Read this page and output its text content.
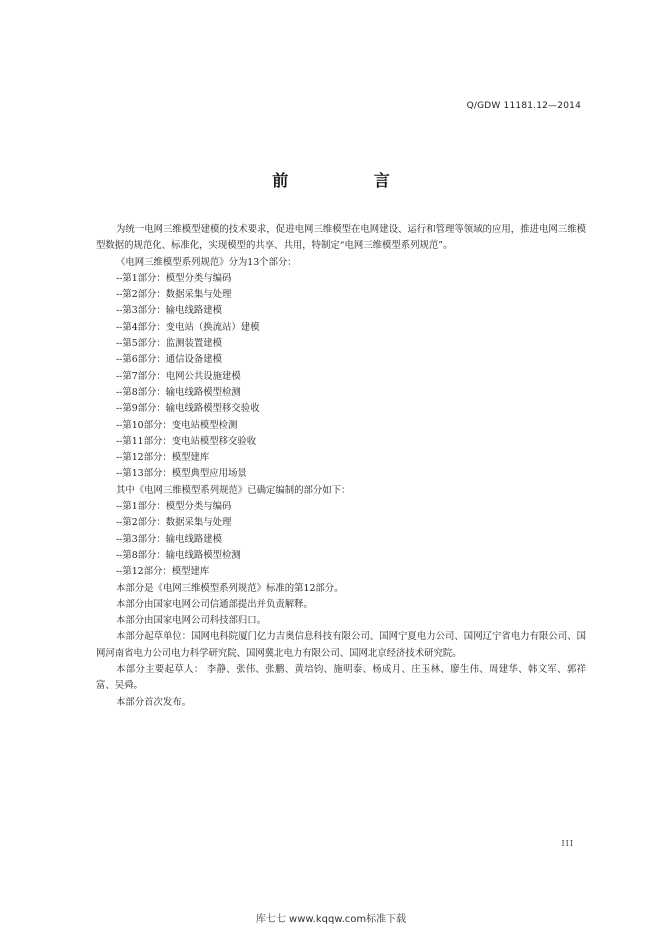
Q/GDW 11181.12—2014
前 言

为统一电网三维模型建模的技术要求，促进电网三维模型在电网建设、运行和管理等领域的应用，推进电网三维模型数据的规范化、标准化，实现模型的共享、共用，特制定“电网三维模型系列规范”。

《电网三维模型系列规范》分为13个部分：

--第1部分：模型分类与编码

--第2部分：数据采集与处理

--第3部分：输电线路建模

--第4部分：变电站（换流站）建模

--第5部分：监测装置建模

--第6部分：通信设备建模

--第7部分：电网公共设施建模

--第8部分：输电线路模型检测

--第9部分：输电线路模型移交验收

--第10部分：变电站模型检测

--第11部分：变电站模型移交验收

--第12部分：模型建库

--第13部分：模型典型应用场景

其中《电网三维模型系列规范》已确定编制的部分如下：

--第1部分：模型分类与编码

--第2部分：数据采集与处理

--第3部分：输电线路建模

--第8部分：输电线路模型检测

--第12部分：模型建库

本部分是《电网三维模型系列规范》标准的第12部分。

本部分由国家电网公司信通部提出并负责解释。

本部分由国家电网公司科技部归口。

本部分起草单位：国网电科院厦门亿力吉奥信息科技有限公司、国网宁夏电力公司、国网辽宁省电力有限公司、国网河南省电力公司电力科学研究院、国网冀北电力有限公司、国网北京经济技术研究院。

本部分主要起草人： 李静、张伟、张鹏、黄培钧、施明泰、杨成月、庄玉林、廖生伟、周建华、韩文军、郭祥富、吴舜。

本部分首次发布。

III
库七七 www.kqqw.com标准下载
